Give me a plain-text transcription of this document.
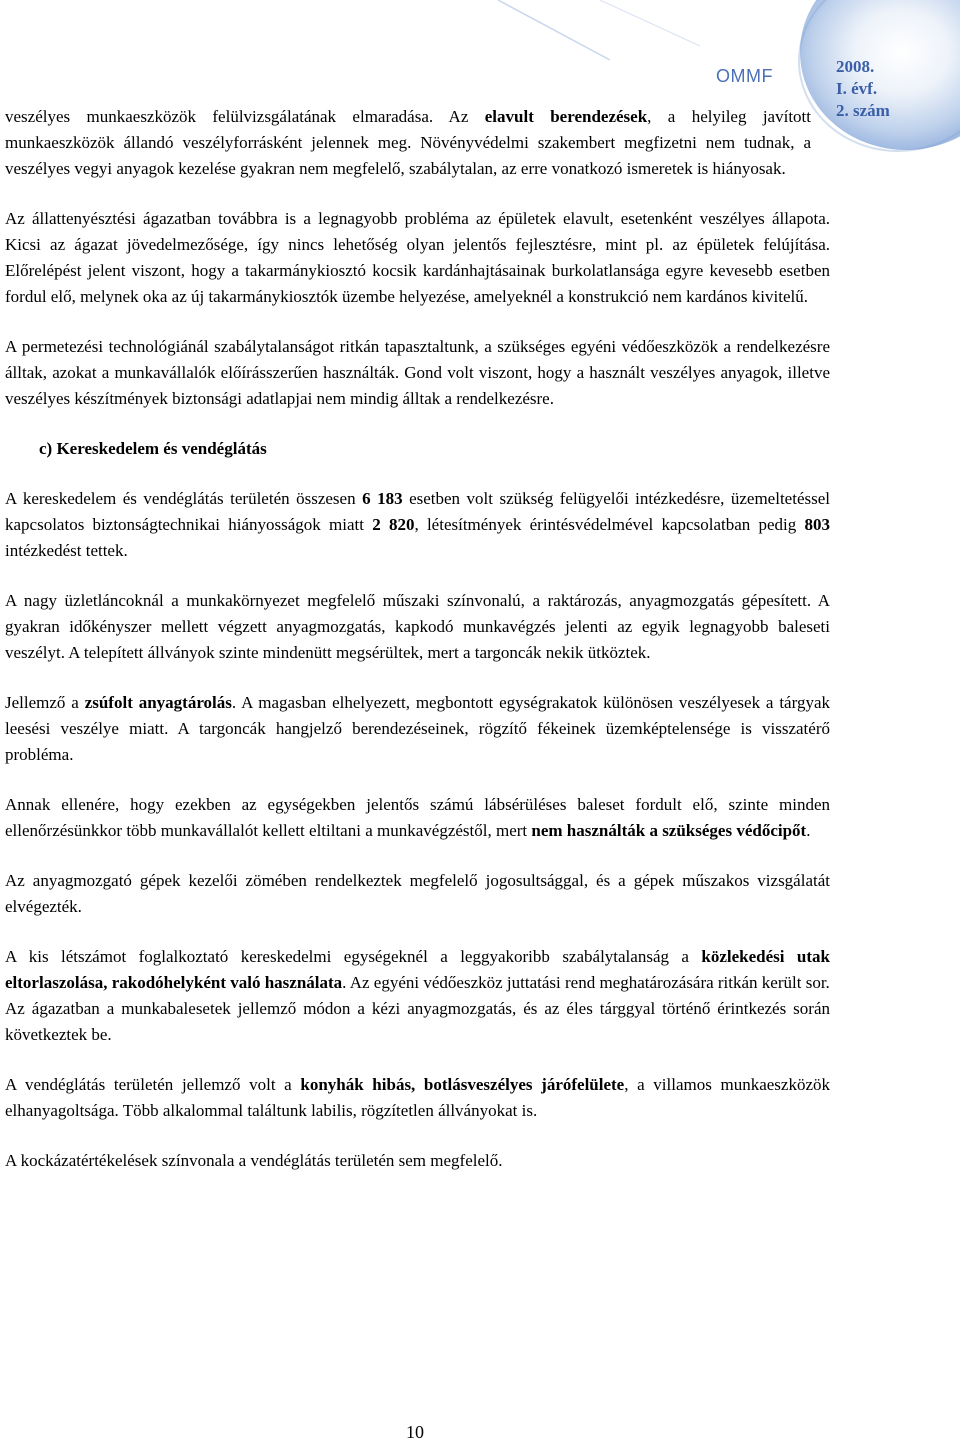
OMMF	2008.
I. évf.
2. szám

veszélyes munkaeszközök felülvizsgálatának elmaradása. Az elavult berendezések, a helyileg javított munkaeszközök állandó veszélyforrásként jelennek meg. Növényvédelmi szakembert megfizetni nem tudnak, a veszélyes vegyi anyagok kezelése gyakran nem megfelelő, szabálytalan, az erre vonatkozó ismeretek is hiányosak.

Az állattenyésztési ágazatban továbbra is a legnagyobb probléma az épületek elavult, esetenként veszélyes állapota. Kicsi az ágazat jövedelmezősége, így nincs lehetőség olyan jelentős fejlesztésre, mint pl. az épületek felújítása. Előrelépést jelent viszont, hogy a takarmánykiosztó kocsik kardánhajtásainak burkolatlansága egyre kevesebb esetben fordul elő, melynek oka az új takarmánykiosztók üzembe helyezése, amelyeknél a konstrukció nem kardános kivitelű.

A permetezési technológiánál szabálytalanságot ritkán tapasztaltunk, a szükséges egyéni védőeszközök a rendelkezésre álltak, azokat a munkavállalók előírásszerűen használták. Gond volt viszont, hogy a használt veszélyes anyagok, illetve veszélyes készítmények biztonsági adatlapjai nem mindig álltak a rendelkezésre.

c) Kereskedelem és vendéglátás

A kereskedelem és vendéglátás területén összesen 6 183 esetben volt szükség felügyelői intézkedésre, üzemeltetéssel kapcsolatos biztonságtechnikai hiányosságok miatt 2 820, létesítmények érintésvédelmével kapcsolatban pedig 803 intézkedést tettek.

A nagy üzletláncoknál a munkakörnyezet megfelelő műszaki színvonalú, a raktározás, anyagmozgatás gépesített. A gyakran időkényszer mellett végzett anyagmozgatás, kapkodó munkavégzés jelenti az egyik legnagyobb baleseti veszélyt. A telepített állványok szinte mindenütt megsérültek, mert a targoncák nekik ütköztek.

Jellemző a zsúfolt anyagtárolás. A magasban elhelyezett, megbontott egységrakatok különösen veszélyesek a tárgyak leesési veszélye miatt. A targoncák hangjelző berendezéseinek, rögzítő fékeinek üzemképtelensége is visszatérő probléma.

Annak ellenére, hogy ezekben az egységekben jelentős számú lábsérüléses baleset fordult elő, szinte minden ellenőrzésünkkor több munkavállalót kellett eltiltani a munkavégzéstől, mert nem használták a szükséges védőcipőt.

Az anyagmozgató gépek kezelői zömében rendelkeztek megfelelő jogosultsággal, és a gépek műszakos vizsgálatát elvégezték.

A kis létszámot foglalkoztató kereskedelmi egységeknél a leggyakoribb szabálytalanság a közlekedési utak eltorlaszolása, rakodóhelyként való használata. Az egyéni védőeszköz juttatási rend meghatározására ritkán került sor.

Az ágazatban a munkabalesetek jellemző módon a kézi anyagmozgatás, és az éles tárggyal történő érintkezés során következtek be.

A vendéglátás területén jellemző volt a konyhák hibás, botlásveszélyes járófelülete, a villamos munkaeszközök elhanyagoltsága. Több alkalommal találtunk labilis, rögzítetlen állványokat is.

A kockázatértékelések színvonala a vendéglátás területén sem megfelelő.

10
